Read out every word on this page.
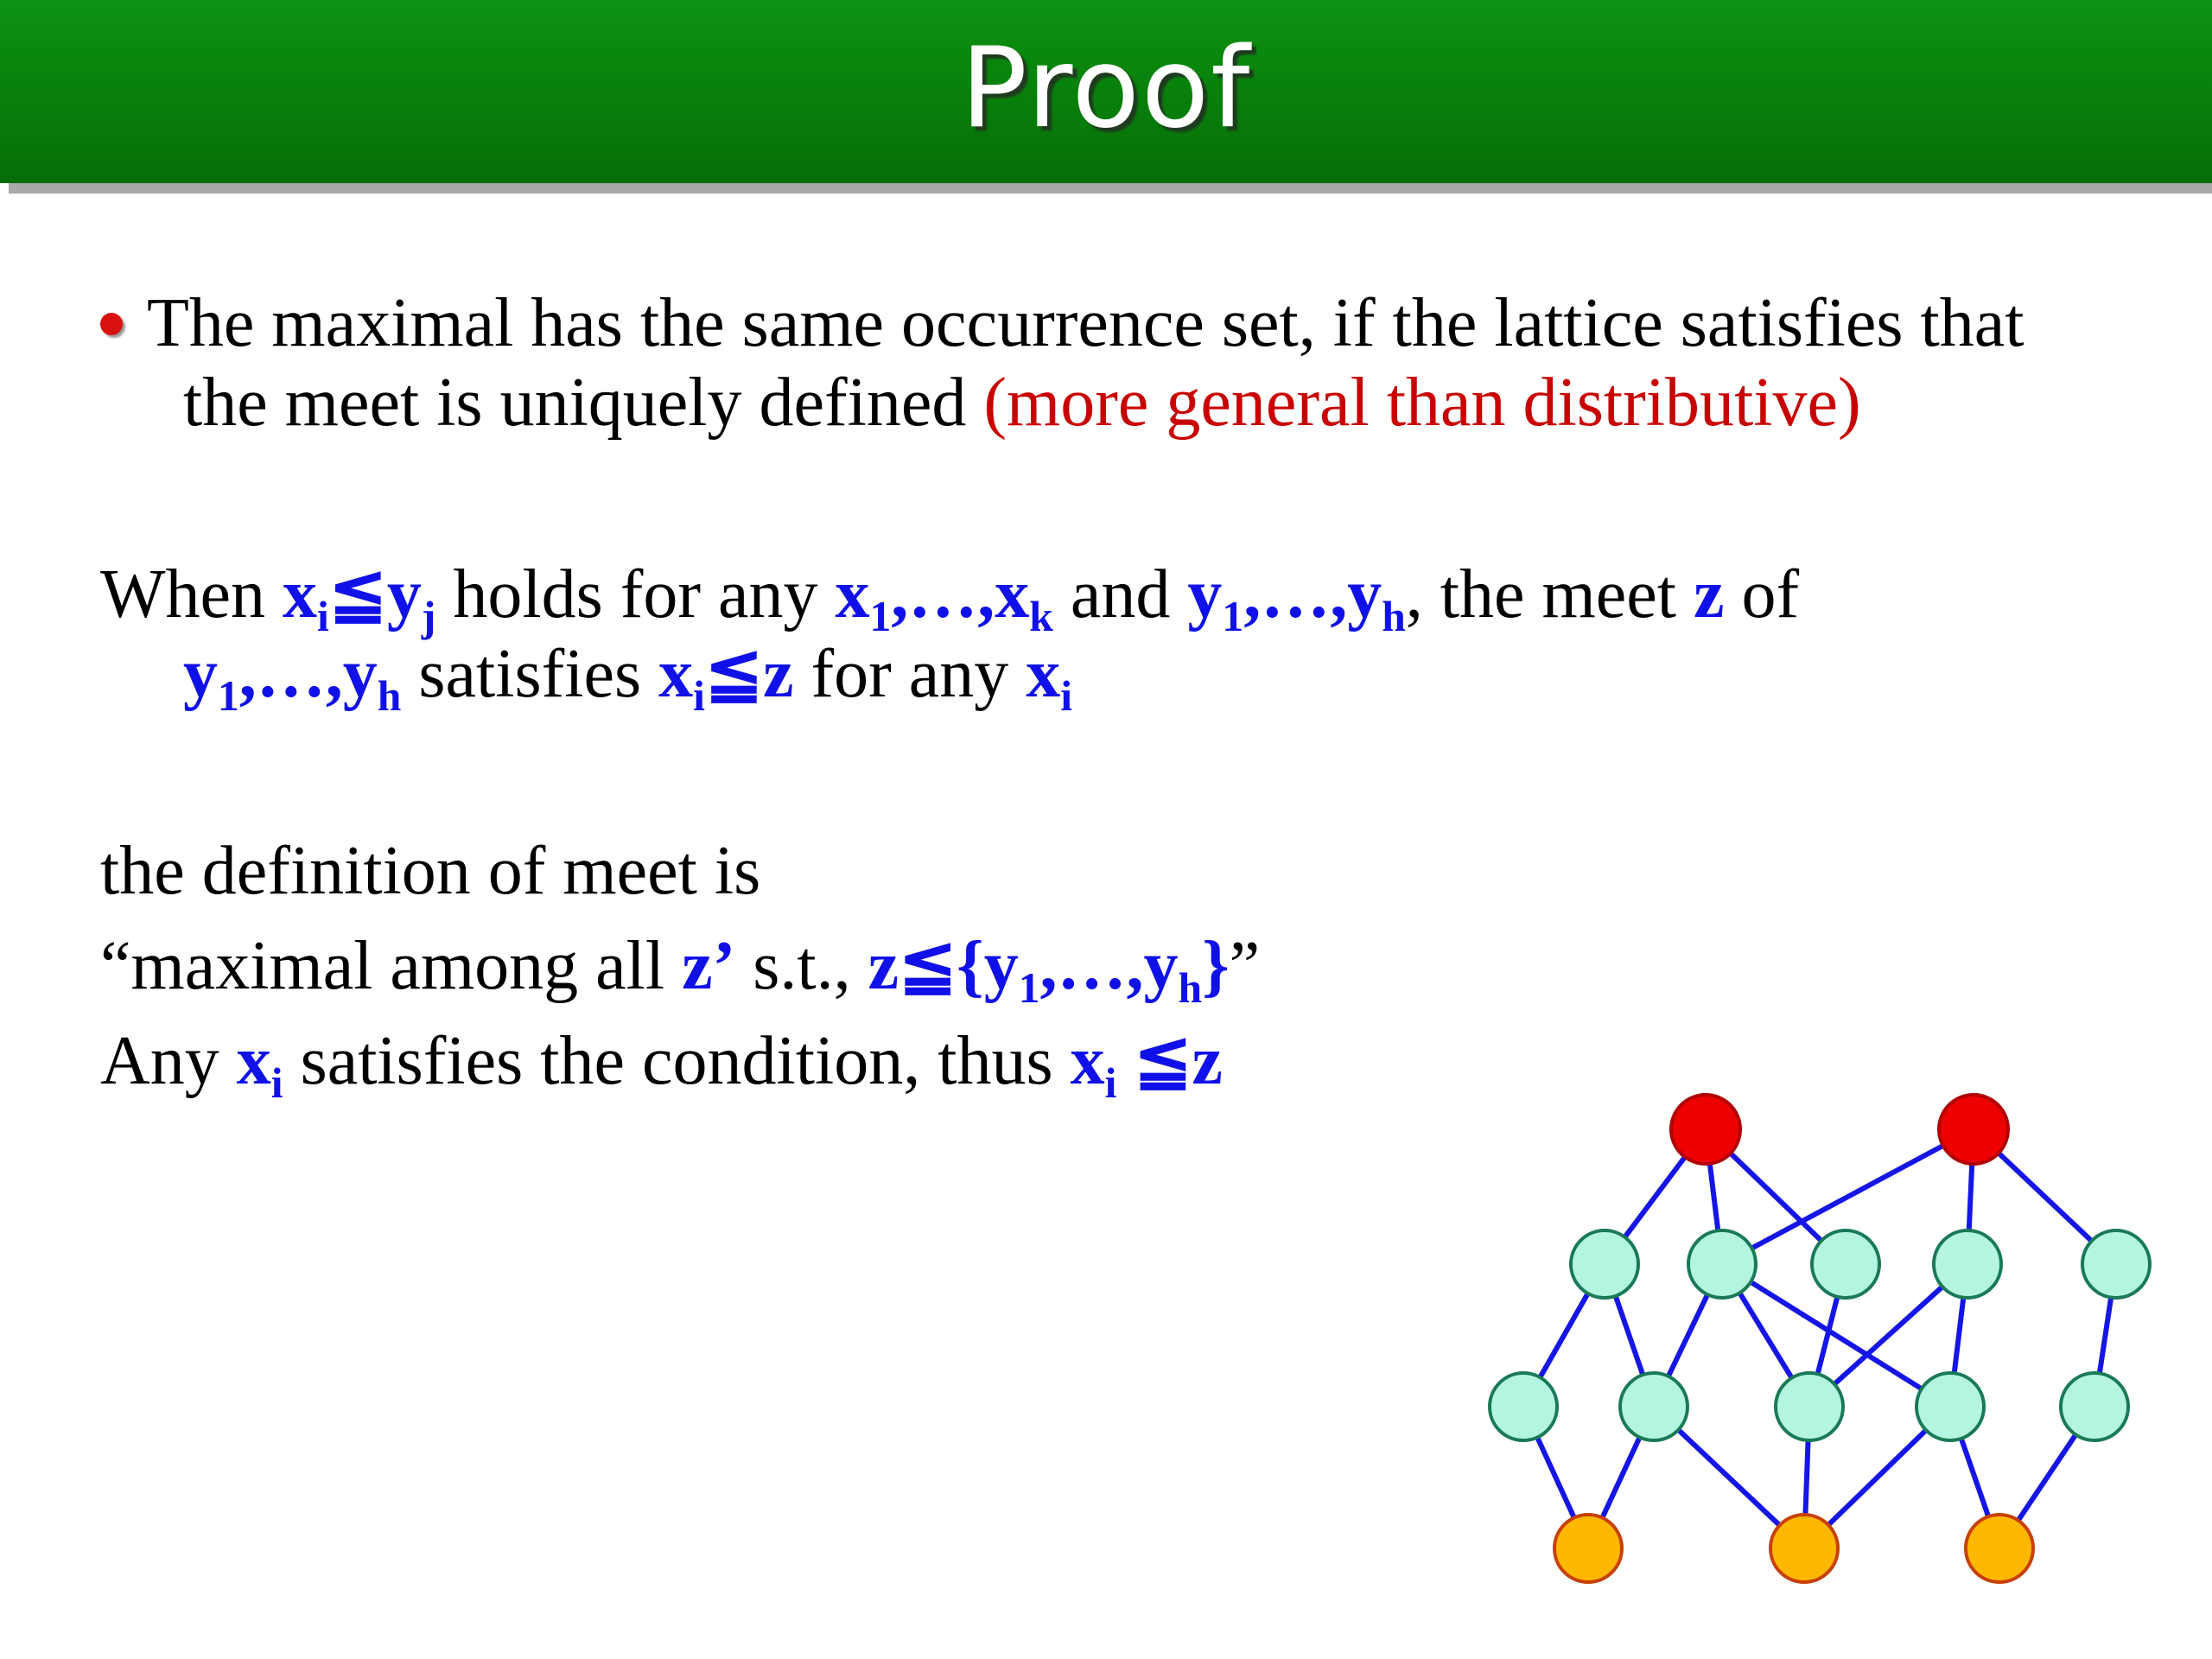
Proof
The maximal has the same occurrence set, if the lattice satisfies that
the meet is uniquely defined (more general than distributive)
When $x_i≦y_j$ holds for any $x_1,\dots,x_k$ and $y_1,\dots,y_h$, the meet z of
$y_1,\dots,y_h$ satisfies $x_i≦z$ for any $x_i$
the definition of meet is
“maximal among all z’ s.t., $z≦\{y_1,\dots,y_h\}$”
Any $x_i$ satisfies the condition, thus $x_i$ ≦z
